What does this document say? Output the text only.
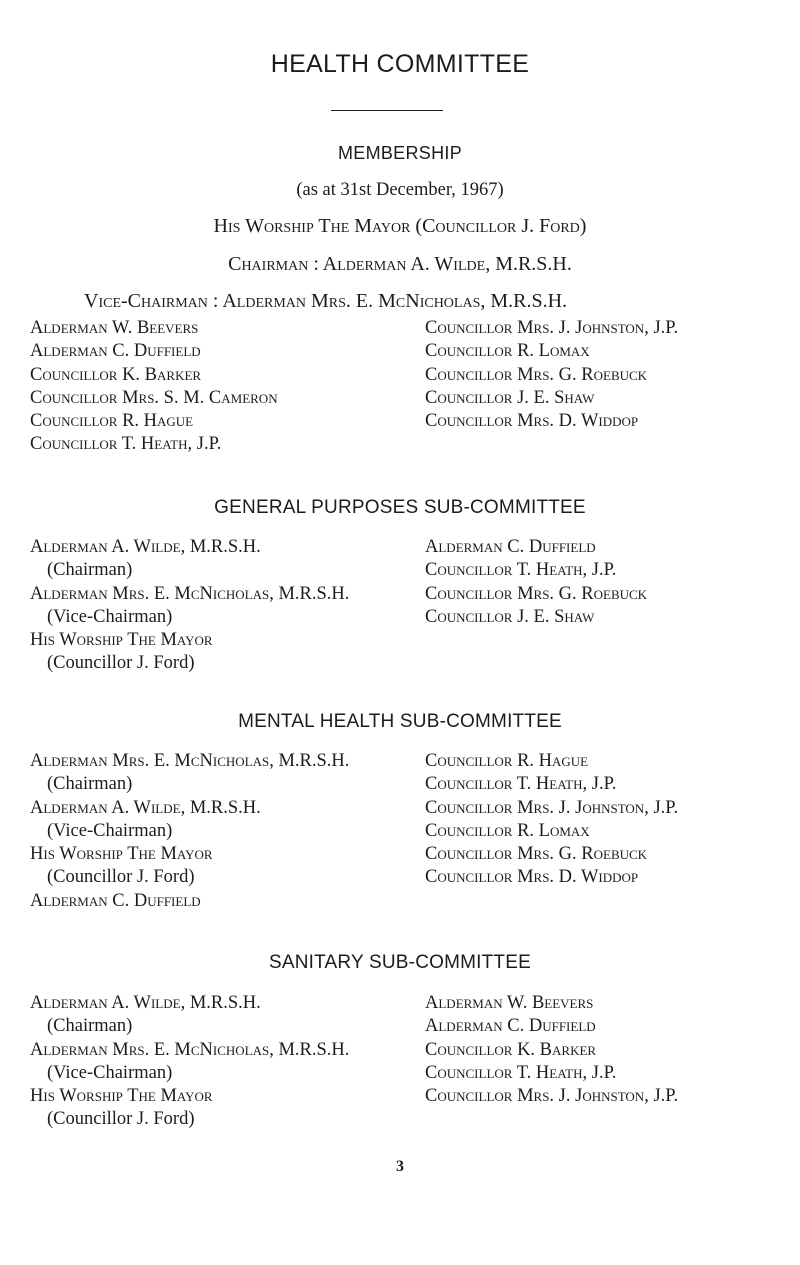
HEALTH COMMITTEE
MEMBERSHIP
(as at 31st December, 1967)
His Worship The Mayor (Councillor J. Ford)
Chairman : Alderman A. Wilde, M.R.S.H.
Vice-Chairman : Alderman Mrs. E. McNicholas, M.R.S.H.
Alderman W. Beevers
Alderman C. Duffield
Councillor K. Barker
Councillor Mrs. S. M. Cameron
Councillor R. Hague
Councillor T. Heath, J.P.
Councillor Mrs. J. Johnston, J.P.
Councillor R. Lomax
Councillor Mrs. G. Roebuck
Councillor J. E. Shaw
Councillor Mrs. D. Widdop
GENERAL PURPOSES SUB-COMMITTEE
Alderman A. Wilde, M.R.S.H.
(Chairman)
Alderman Mrs. E. McNicholas, M.R.S.H.
(Vice-Chairman)
His Worship The Mayor
(Councillor J. Ford)
Alderman C. Duffield
Councillor T. Heath, J.P.
Councillor Mrs. G. Roebuck
Councillor J. E. Shaw
MENTAL HEALTH SUB-COMMITTEE
Alderman Mrs. E. McNicholas, M.R.S.H.
(Chairman)
Alderman A. Wilde, M.R.S.H.
(Vice-Chairman)
His Worship The Mayor
(Councillor J. Ford)
Alderman C. Duffield
Councillor R. Hague
Councillor T. Heath, J.P.
Councillor Mrs. J. Johnston, J.P.
Councillor R. Lomax
Councillor Mrs. G. Roebuck
Councillor Mrs. D. Widdop
SANITARY SUB-COMMITTEE
Alderman A. Wilde, M.R.S.H.
(Chairman)
Alderman Mrs. E. McNicholas, M.R.S.H.
(Vice-Chairman)
His Worship The Mayor
(Councillor J. Ford)
Alderman W. Beevers
Alderman C. Duffield
Councillor K. Barker
Councillor T. Heath, J.P.
Councillor Mrs. J. Johnston, J.P.
3
